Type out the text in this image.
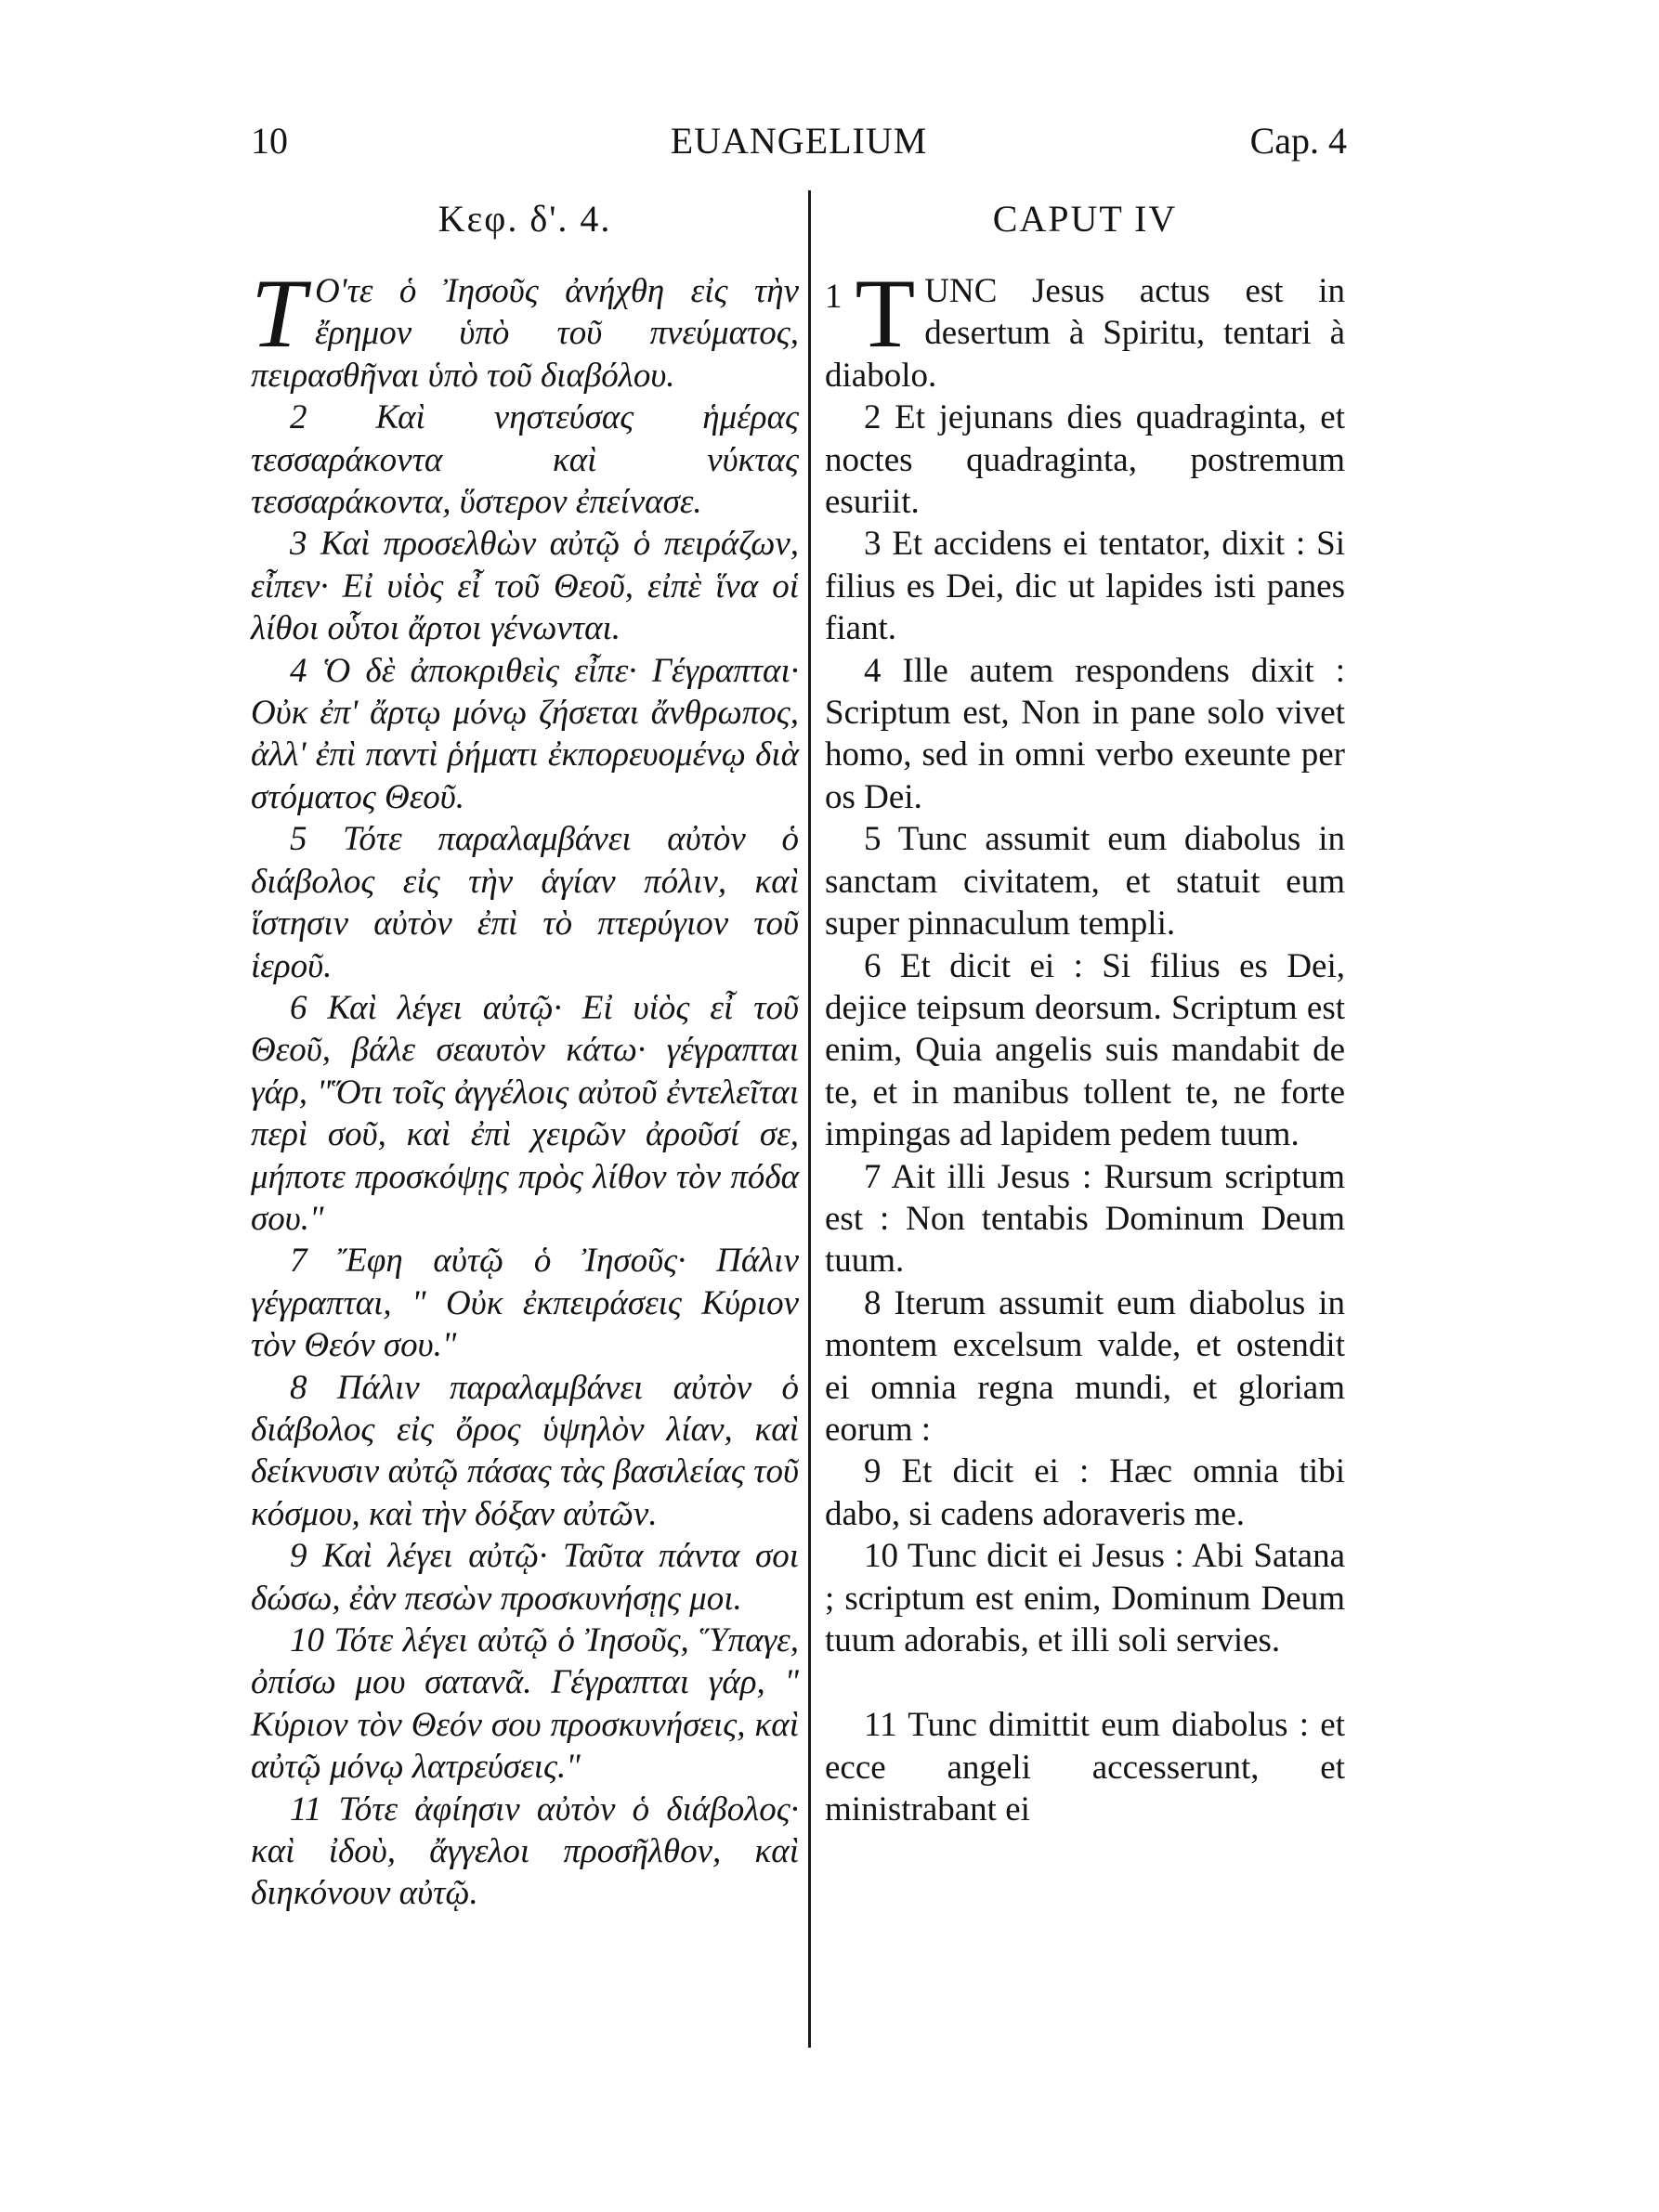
10	EUANGELIUM	Cap. 4
Κεφ. δ'. 4.

T Ο'τε ὁ Ἰησοῦς ἀνήχθη εἰς τὴν ἔρημον ὑπὸ τοῦ πνεύματος, πειρασθῆναι ὑπὸ τοῦ διαβόλου.

2 Καὶ νηστεύσας ἡμέρας τεσσαράκοντα καὶ νύκτας τεσσαράκοντα, ὕστερον ἐπείνασε.

3 Καὶ προσελθὼν αὐτῷ ὁ πειράζων, εἶπεν· Εἰ υἱὸς εἶ τοῦ Θεοῦ, εἰπὲ ἵνα οἱ λίθοι οὗτοι ἄρτοι γένωνται.

4 Ὁ δὲ ἀποκριθεὶς εἶπε· Γέγραπται· Οὐκ ἐπ' ἄρτῳ μόνῳ ζήσεται ἄνθρωπος, ἀλλ' ἐπὶ παντὶ ῥήματι ἐκπορευομένῳ διὰ στόματος Θεοῦ.

5 Τότε παραλαμβάνει αὐτὸν ὁ διάβολος εἰς τὴν ἁγίαν πόλιν, καὶ ἵστησιν αὐτὸν ἐπὶ τὸ πτερύγιον τοῦ ἱεροῦ.

6 Καὶ λέγει αὐτῷ· Εἰ υἱὸς εἶ τοῦ Θεοῦ, βάλε σεαυτὸν κάτω· γέγραπται γάρ, "Ὅτι τοῖς ἀγγέλοις αὐτοῦ ἐντελεῖται περὶ σοῦ, καὶ ἐπὶ χειρῶν ἀροῦσί σε, μήποτε προσκόψῃς πρὸς λίθον τὸν πόδα σου."

7 Ἔφη αὐτῷ ὁ Ἰησοῦς· Πάλιν γέγραπται, " Οὐκ ἐκπειράσεις Κύριον τὸν Θεόν σου."

8 Πάλιν παραλαμβάνει αὐτὸν ὁ διάβολος εἰς ὄρος ὑψηλὸν λίαν, καὶ δείκνυσιν αὐτῷ πάσας τὰς βασιλείας τοῦ κόσμου, καὶ τὴν δόξαν αὐτῶν.

9 Καὶ λέγει αὐτῷ· Ταῦτα πάντα σοι δώσω, ἐὰν πεσὼν προσκυνήσῃς μοι.

10 Τότε λέγει αὐτῷ ὁ Ἰησοῦς, Ὕπαγε, ὀπίσω μου σατανᾶ. Γέγραπται γάρ, " Κύριον τὸν Θεόν σου προσκυνήσεις, καὶ αὐτῷ μόνῳ λατρεύσεις."

11 Τότε ἀφίησιν αὐτὸν ὁ διάβολος· καὶ ἰδοὺ, ἄγγελοι προσῆλθον, καὶ διηκόνουν αὐτῷ.

CAPUT IV

1 T UNC Jesus actus est in desertum à Spiritu, tentari à diabolo.

2 Et jejunans dies quadraginta, et noctes quadraginta, postremum esuriit.

3 Et accidens ei tentator, dixit : Si filius es Dei, dic ut lapides isti panes fiant.

4 Ille autem respondens dixit : Scriptum est, Non in pane solo vivet homo, sed in omni verbo exeunte per os Dei.

5 Tunc assumit eum diabolus in sanctam civitatem, et statuit eum super pinnaculum templi.

6 Et dicit ei : Si filius es Dei, dejice teipsum deorsum. Scriptum est enim, Quia angelis suis mandabit de te, et in manibus tollent te, ne forte impingas ad lapidem pedem tuum.

7 Ait illi Jesus : Rursum scriptum est : Non tentabis Dominum Deum tuum.

8 Iterum assumit eum diabolus in montem excelsum valde, et ostendit ei omnia regna mundi, et gloriam eorum :

9 Et dicit ei : Hæc omnia tibi dabo, si cadens adoraveris me.

10 Tunc dicit ei Jesus : Abi Satana ; scriptum est enim, Dominum Deum tuum adorabis, et illi soli servies.

11 Tunc dimittit eum diabolus : et ecce angeli accesserunt, et ministrabant ei
